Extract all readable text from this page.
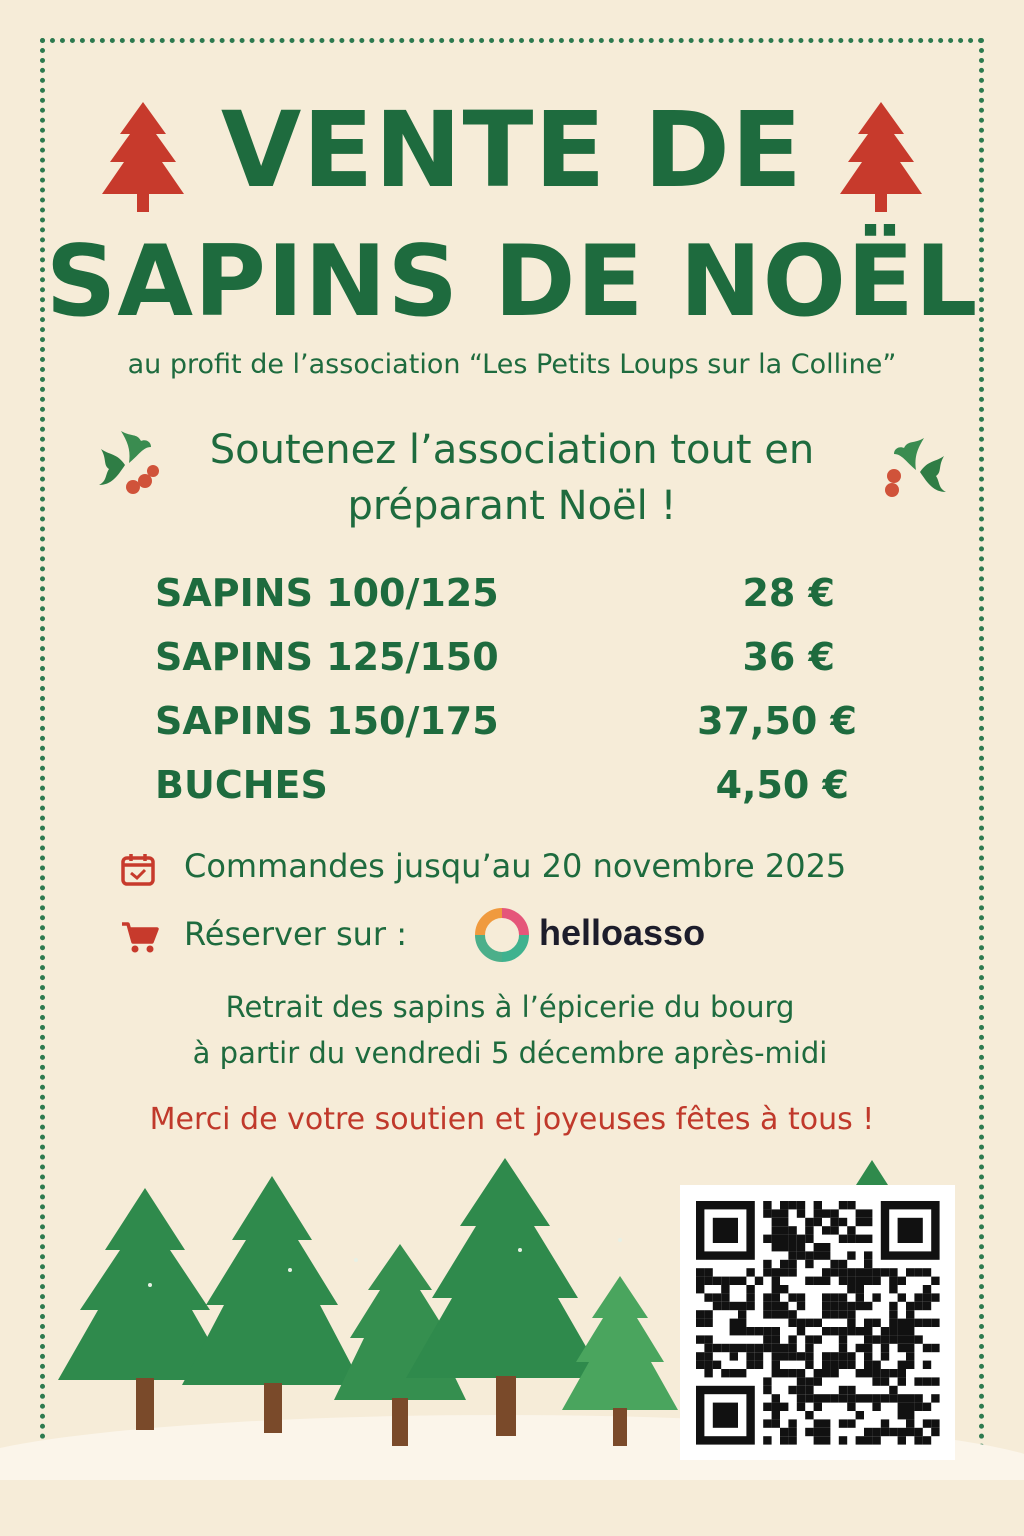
VENTE DE
SAPINS DE NOËL
au profit de l’association “Les Petits Loups sur la Colline”
Soutenez l’association tout en
préparant Noël !
SAPINS 100/125	28 €
SAPINS 125/150	36 €
SAPINS 150/175	37,50 €
BUCHES	4,50 €
Commandes jusqu’au 20 novembre 2025
Réserver sur :	helloasso
Retrait des sapins à l’épicerie du bourg
à partir du vendredi 5 décembre après-midi
Merci de votre soutien et joyeuses fêtes à tous !
